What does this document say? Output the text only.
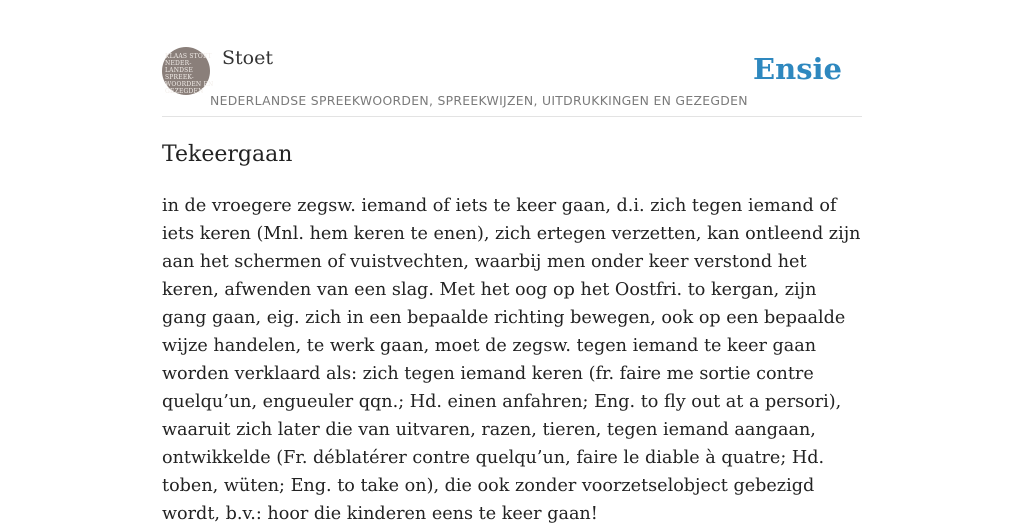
KLAAS STOET
NEDER-
LANDSE
SPREEK-
WOORDEN EN
GEZEGDEN
Stoet
NEDERLANDSE SPREEKWOORDEN, SPREEKWIJZEN, UITDRUKKINGEN EN GEZEGDEN
Ensie
Tekeergaan
in de vroegere zegsw. iemand of iets te keer gaan, d.i. zich tegen iemand of iets keren (Mnl. hem keren te enen), zich ertegen verzetten, kan ontleend zijn aan het schermen of vuistvechten, waarbij men onder keer verstond het keren, afwenden van een slag. Met het oog op het Oostfri. to kergan, zijn gang gaan, eig. zich in een bepaalde richting bewegen, ook op een bepaalde wijze handelen, te werk gaan, moet de zegsw. tegen iemand te keer gaan worden verklaard als: zich tegen iemand keren (fr. faire me sortie contre quelqu’un, engueuler qqn.; Hd. einen anfahren; Eng. to fly out at a persori), waaruit zich later die van uitvaren, razen, tieren, tegen iemand aangaan, ontwikkelde (Fr. déblatérer contre quelqu’un, faire le diable à quatre; Hd. toben, wüten; Eng. to take on), die ook zonder voorzetselobject gebezigd wordt, b.v.: hoor die kinderen eens te keer gaan!
